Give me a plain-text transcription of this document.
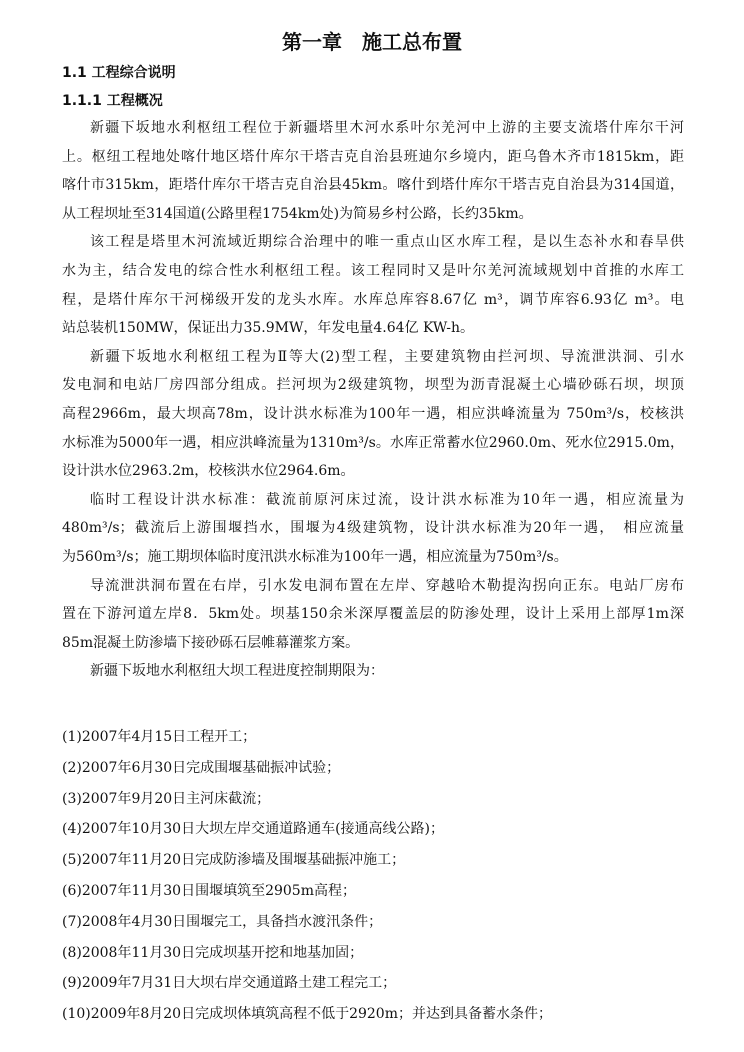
第一章　施工总布置
1.1 工程综合说明
1.1.1 工程概况
新疆下坂地水利枢纽工程位于新疆塔里木河水系叶尔羌河中上游的主要支流塔什库尔干河
上。枢纽工程地处喀什地区塔什库尔干塔吉克自治县班迪尔乡境内，距乌鲁木齐市1815km，距
喀什市315km，距塔什库尔干塔吉克自治县45km。喀什到塔什库尔干塔吉克自治县为314国道，
从工程坝址至314国道(公路里程1754km处)为简易乡村公路，长约35km。
该工程是塔里木河流域近期综合治理中的唯一重点山区水库工程，是以生态补水和春旱供
水为主，结合发电的综合性水利枢纽工程。该工程同时又是叶尔羌河流域规划中首推的水库工
程，是塔什库尔干河梯级开发的龙头水库。水库总库容8.67亿 m³，调节库容6.93亿 m³。电
站总装机150MW，保证出力35.9MW，年发电量4.64亿 KW-h。
新疆下坂地水利枢纽工程为Ⅱ等大(2)型工程，主要建筑物由拦河坝、导流泄洪洞、引水
发电洞和电站厂房四部分组成。拦河坝为2级建筑物，坝型为沥青混凝土心墙砂砾石坝，坝顶
高程2966m，最大坝高78m，设计洪水标准为100年一遇，相应洪峰流量为 750m³/s，校核洪
水标准为5000年一遇，相应洪峰流量为1310m³/s。水库正常蓄水位2960.0m、死水位2915.0m，
设计洪水位2963.2m，校核洪水位2964.6m。
临时工程设计洪水标准：截流前原河床过流，设计洪水标准为10年一遇，相应流量为
480m³/s；截流后上游围堰挡水，围堰为4级建筑物，设计洪水标准为20年一遇，　相应流量
为560m³/s；施工期坝体临时度汛洪水标准为100年一遇，相应流量为750m³/s。
导流泄洪洞布置在右岸，引水发电洞布置在左岸、穿越哈木勒提沟拐向正东。电站厂房布
置在下游河道左岸8．5km处。坝基150余米深厚覆盖层的防渗处理，设计上采用上部厚1m深
85m混凝土防渗墙下接砂砾石层帷幕灌浆方案。
新疆下坂地水利枢纽大坝工程进度控制期限为：
(1)2007年4月15日工程开工；
(2)2007年6月30日完成围堰基础振冲试验；
(3)2007年9月20日主河床截流；
(4)2007年10月30日大坝左岸交通道路通车(接通高线公路)；
(5)2007年11月20日完成防渗墙及围堰基础振冲施工；
(6)2007年11月30日围堰填筑至2905m高程；
(7)2008年4月30日围堰完工，具备挡水渡汛条件；
(8)2008年11月30日完成坝基开挖和地基加固；
(9)2009年7月31日大坝右岸交通道路土建工程完工；
(10)2009年8月20日完成坝体填筑高程不低于2920m；并达到具备蓄水条件；
